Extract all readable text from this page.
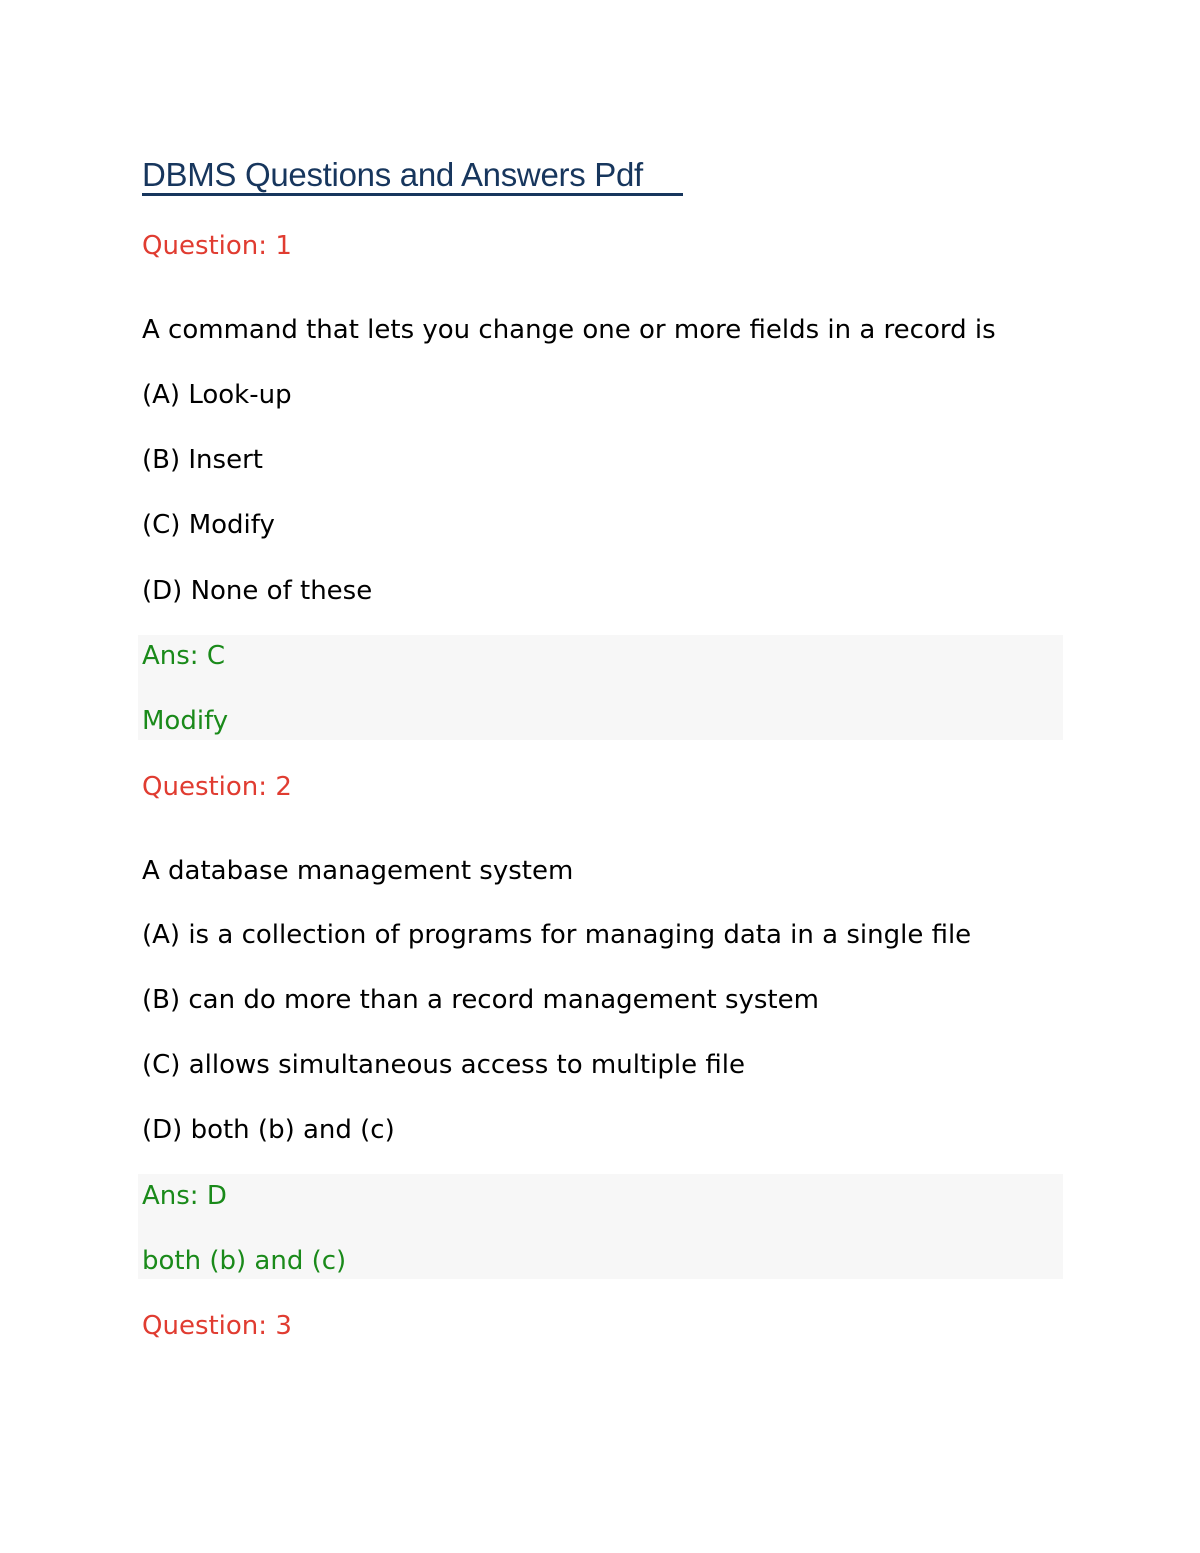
DBMS Questions and Answers Pdf
Question: 1
A command that lets you change one or more fields in a record is
(A) Look-up
(B) Insert
(C) Modify
(D) None of these
Ans: C
Modify
Question: 2
A database management system
(A) is a collection of programs for managing data in a single file
(B) can do more than a record management system
(C) allows simultaneous access to multiple file
(D) both (b) and (c)
Ans: D
both (b) and (c)
Question: 3
